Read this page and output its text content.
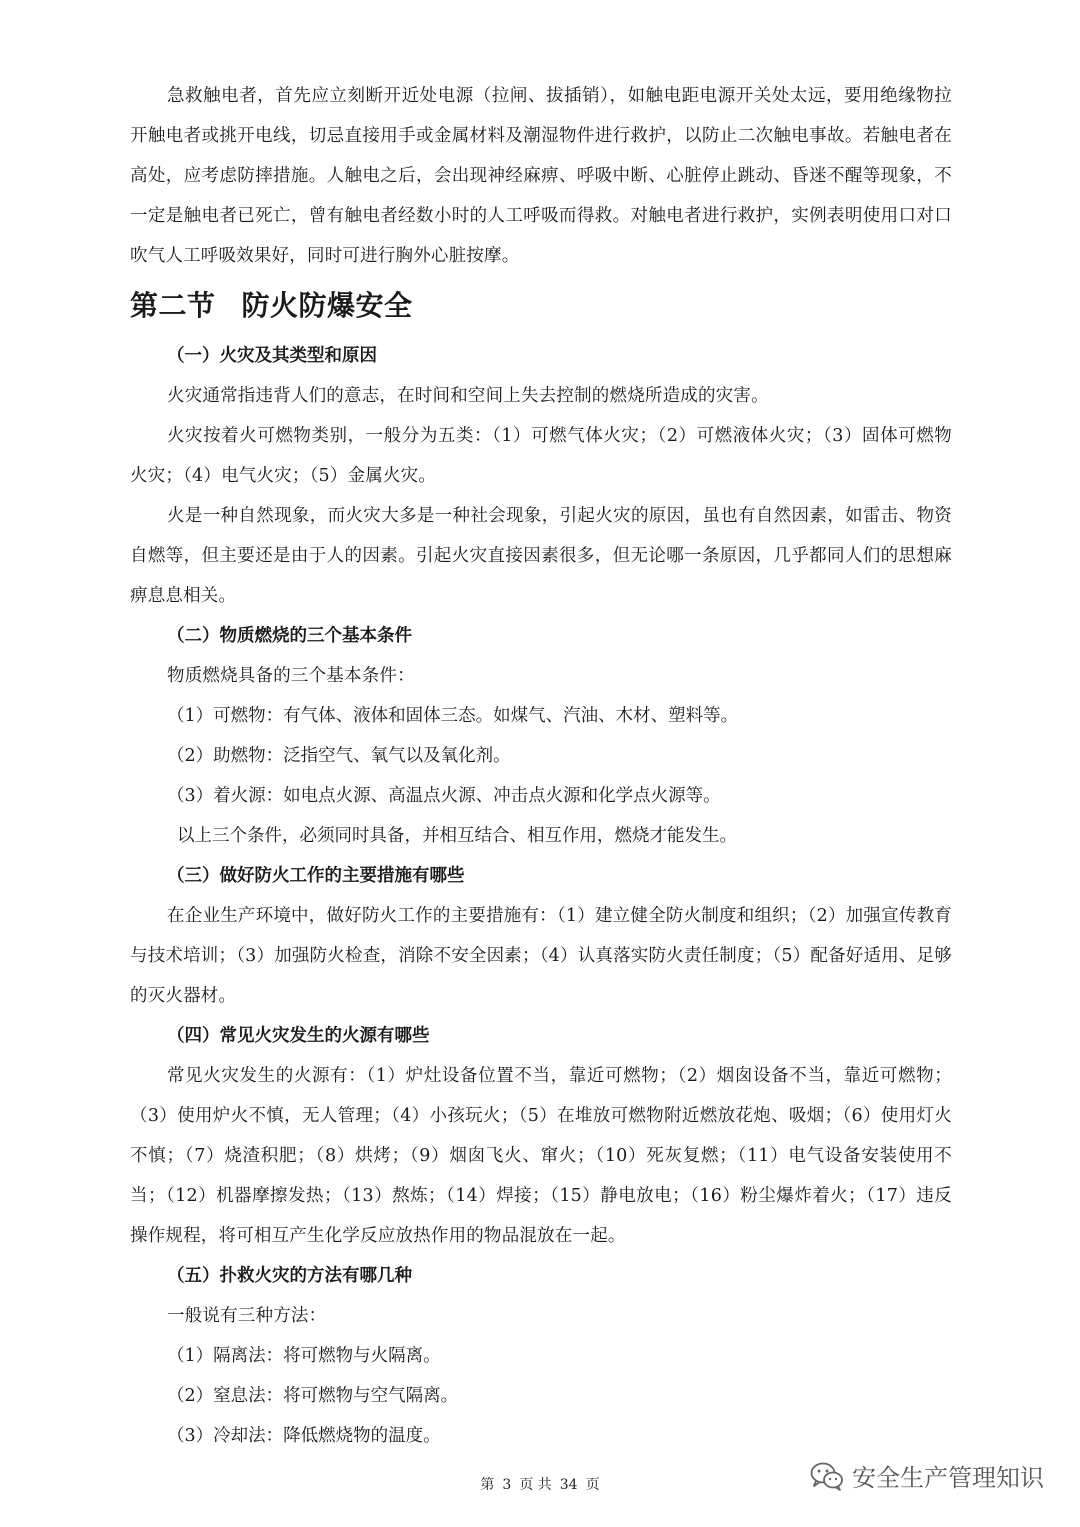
急救触电者，首先应立刻断开近处电源（拉闸、拔插销），如触电距电源开关处太远，要用绝缘物拉开触电者或挑开电线，切忌直接用手或金属材料及潮湿物件进行救护，以防止二次触电事故。若触电者在高处，应考虑防摔措施。人触电之后，会出现神经麻痹、呼吸中断、心脏停止跳动、昏迷不醒等现象，不一定是触电者已死亡，曾有触电者经数小时的人工呼吸而得救。对触电者进行救护，实例表明使用口对口吹气人工呼吸效果好，同时可进行胸外心脏按摩。

第二节 防火防爆安全

（一）火灾及其类型和原因

火灾通常指违背人们的意志，在时间和空间上失去控制的燃烧所造成的灾害。

火灾按着火可燃物类别，一般分为五类：（1）可燃气体火灾；（2）可燃液体火灾；（3）固体可燃物火灾；（4）电气火灾；（5）金属火灾。

火是一种自然现象，而火灾大多是一种社会现象，引起火灾的原因，虽也有自然因素，如雷击、物资自燃等，但主要还是由于人的因素。引起火灾直接因素很多，但无论哪一条原因，几乎都同人们的思想麻痹息息相关。

（二）物质燃烧的三个基本条件

物质燃烧具备的三个基本条件：

（1）可燃物：有气体、液体和固体三态。如煤气、汽油、木材、塑料等。

（2）助燃物：泛指空气、氧气以及氧化剂。

（3）着火源：如电点火源、高温点火源、冲击点火源和化学点火源等。

以上三个条件，必须同时具备，并相互结合、相互作用，燃烧才能发生。

（三）做好防火工作的主要措施有哪些

在企业生产环境中，做好防火工作的主要措施有：（1）建立健全防火制度和组织；（2）加强宣传教育与技术培训；（3）加强防火检查，消除不安全因素；（4）认真落实防火责任制度；（5）配备好适用、足够的灭火器材。

（四）常见火灾发生的火源有哪些

常见火灾发生的火源有：（1）炉灶设备位置不当，靠近可燃物；（2）烟囱设备不当，靠近可燃物；（3）使用炉火不慎，无人管理；（4）小孩玩火；（5）在堆放可燃物附近燃放花炮、吸烟；（6）使用灯火不慎；（7）烧渣积肥；（8）烘烤；（9）烟囱飞火、窜火；（10）死灰复燃；（11）电气设备安装使用不当；（12）机器摩擦发热；（13）熬炼；（14）焊接；（15）静电放电；（16）粉尘爆炸着火；（17）违反操作规程，将可相互产生化学反应放热作用的物品混放在一起。

（五）扑救火灾的方法有哪几种

一般说有三种方法：

（1）隔离法：将可燃物与火隔离。

（2）窒息法：将可燃物与空气隔离。

（3）冷却法：降低燃烧物的温度。

第 3 页 共 34 页	安全生产管理知识
